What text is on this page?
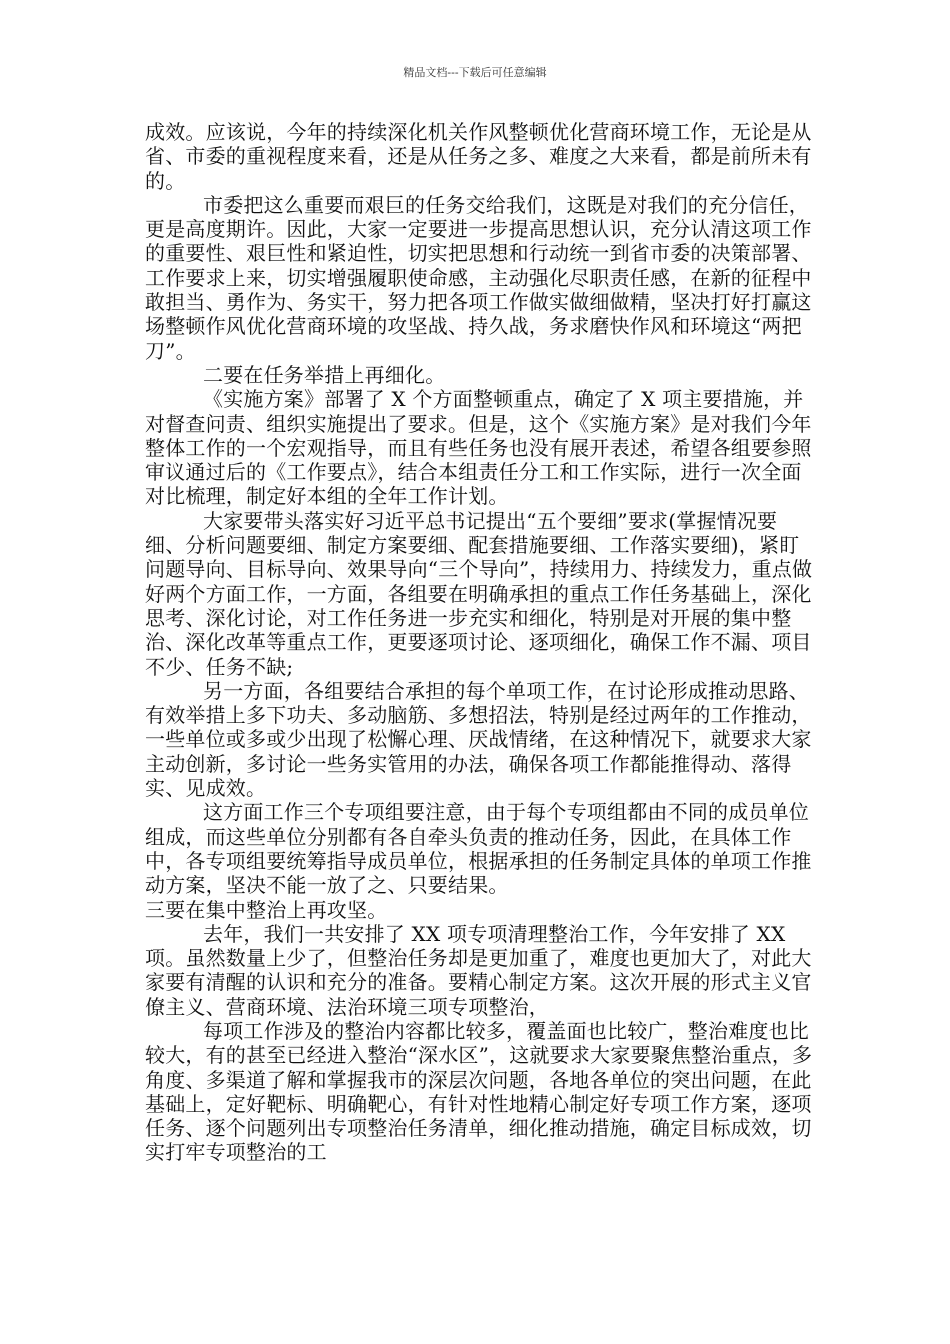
精品文档---下载后可任意编辑

成效。应该说，今年的持续深化机关作风整顿优化营商环境工作，无论是从省、市委的重视程度来看，还是从任务之多、难度之大来看，都是前所未有的。

市委把这么重要而艰巨的任务交给我们，这既是对我们的充分信任，更是高度期许。因此，大家一定要进一步提高思想认识，充分认清这项工作的重要性、艰巨性和紧迫性，切实把思想和行动统一到省市委的决策部署、工作要求上来，切实增强履职使命感，主动强化尽职责任感，在新的征程中敢担当、勇作为、务实干，努力把各项工作做实做细做精，坚决打好打赢这场整顿作风优化营商环境的攻坚战、持久战，务求磨快作风和环境这“两把刀”。

二要在任务举措上再细化。

《实施方案》部署了 X 个方面整顿重点，确定了 X 项主要措施，并对督查问责、组织实施提出了要求。但是，这个《实施方案》是对我们今年整体工作的一个宏观指导，而且有些任务也没有展开表述，希望各组要参照审议通过后的《工作要点》，结合本组责任分工和工作实际，进行一次全面对比梳理，制定好本组的全年工作计划。

大家要带头落实好习近平总书记提出“五个要细”要求(掌握情况要细、分析问题要细、制定方案要细、配套措施要细、工作落实要细)，紧盯问题导向、目标导向、效果导向“三个导向”，持续用力、持续发力，重点做好两个方面工作，一方面，各组要在明确承担的重点工作任务基础上，深化思考、深化讨论，对工作任务进一步充实和细化，特别是对开展的集中整治、深化改革等重点工作，更要逐项讨论、逐项细化，确保工作不漏、项目不少、任务不缺;

另一方面，各组要结合承担的每个单项工作，在讨论形成推动思路、有效举措上多下功夫、多动脑筋、多想招法，特别是经过两年的工作推动，一些单位或多或少出现了松懈心理、厌战情绪，在这种情况下，就要求大家主动创新，多讨论一些务实管用的办法，确保各项工作都能推得动、落得实、见成效。

这方面工作三个专项组要注意，由于每个专项组都由不同的成员单位组成，而这些单位分别都有各自牵头负责的推动任务，因此，在具体工作中，各专项组要统筹指导成员单位，根据承担的任务制定具体的单项工作推动方案，坚决不能一放了之、只要结果。

三要在集中整治上再攻坚。

去年，我们一共安排了 XX 项专项清理整治工作，今年安排了 XX 项。虽然数量上少了，但整治任务却是更加重了，难度也更加大了，对此大家要有清醒的认识和充分的准备。要精心制定方案。这次开展的形式主义官僚主义、营商环境、法治环境三项专项整治，

每项工作涉及的整治内容都比较多，覆盖面也比较广，整治难度也比较大，有的甚至已经进入整治“深水区”，这就要求大家要聚焦整治重点，多角度、多渠道了解和掌握我市的深层次问题，各地各单位的突出问题，在此基础上，定好靶标、明确靶心，有针对性地精心制定好专项工作方案，逐项任务、逐个问题列出专项整治任务清单，细化推动措施，确定目标成效，切实打牢专项整治的工
